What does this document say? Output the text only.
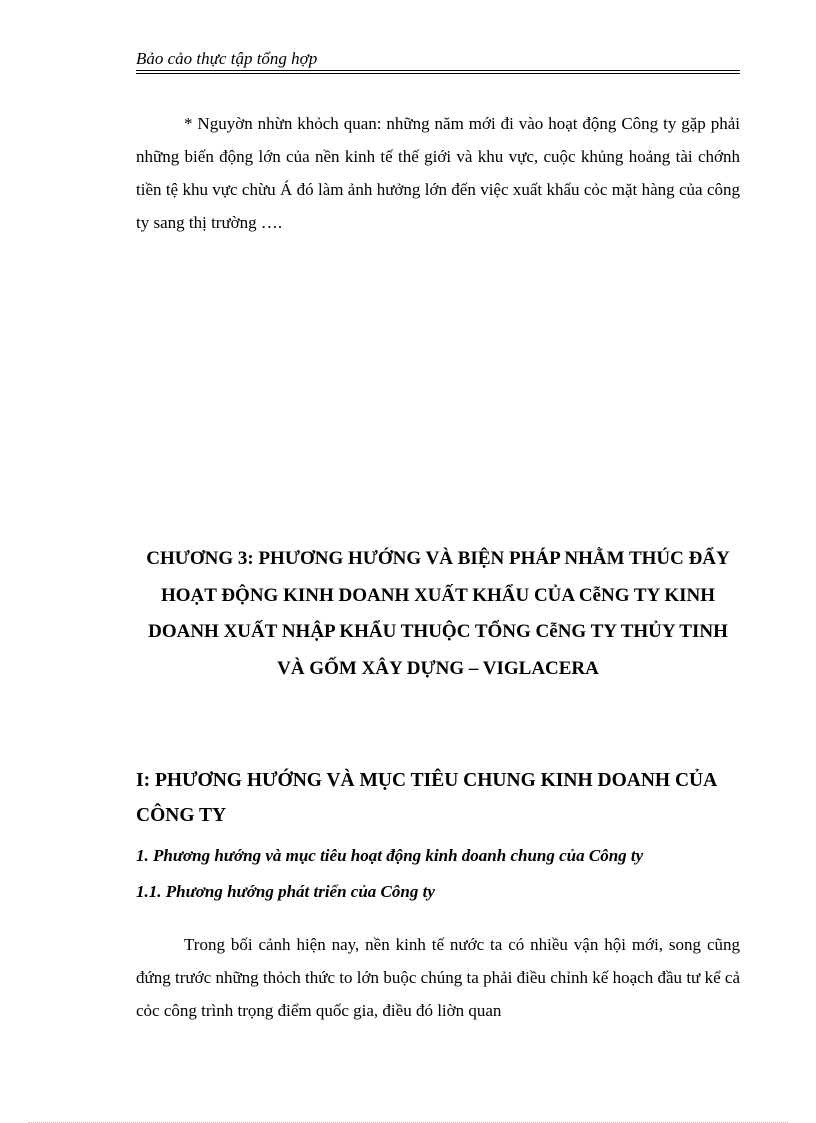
Bảo cảo thực tập tổng hợp

* Nguyờn nhừn khỏch quan: những năm mới đi vào hoạt động Công ty gặp phải những biến động lớn của nền kinh tế thế giới và khu vực, cuộc khủng hoảng tài chớnh tiền tệ khu vực chừu Á đó làm ảnh hưởng lớn đến việc xuất khẩu cỏc mặt hàng của công ty sang thị trường ….

CHƯƠNG 3: PHƯƠNG HƯỚNG VÀ BIỆN PHÁP NHẰM THÚC ĐẨY HOẠT ĐỘNG KINH DOANH XUẤT KHẨU CỦA CễNG TY KINH DOANH XUẤT NHẬP KHẨU THUỘC TỔNG CễNG TY THỦY TINH VÀ GỐM XÂY DỰNG – VIGLACERA
I: PHƯƠNG HƯỚNG VÀ MỤC TIÊU CHUNG KINH DOANH CỦA CÔNG TY
1. Phương hướng và mục tiêu hoạt động kinh doanh chung của Công ty
1.1. Phương hướng phát triển của Công ty

Trong bối cảnh hiện nay, nền kinh tế nước ta có nhiều vận hội mới, song cũng đứng trước những thỏch thức to lớn buộc chúng ta phải điều chỉnh kế hoạch đầu tư kể cả cỏc công trình trọng điểm quốc gia, điều đó liờn quan
